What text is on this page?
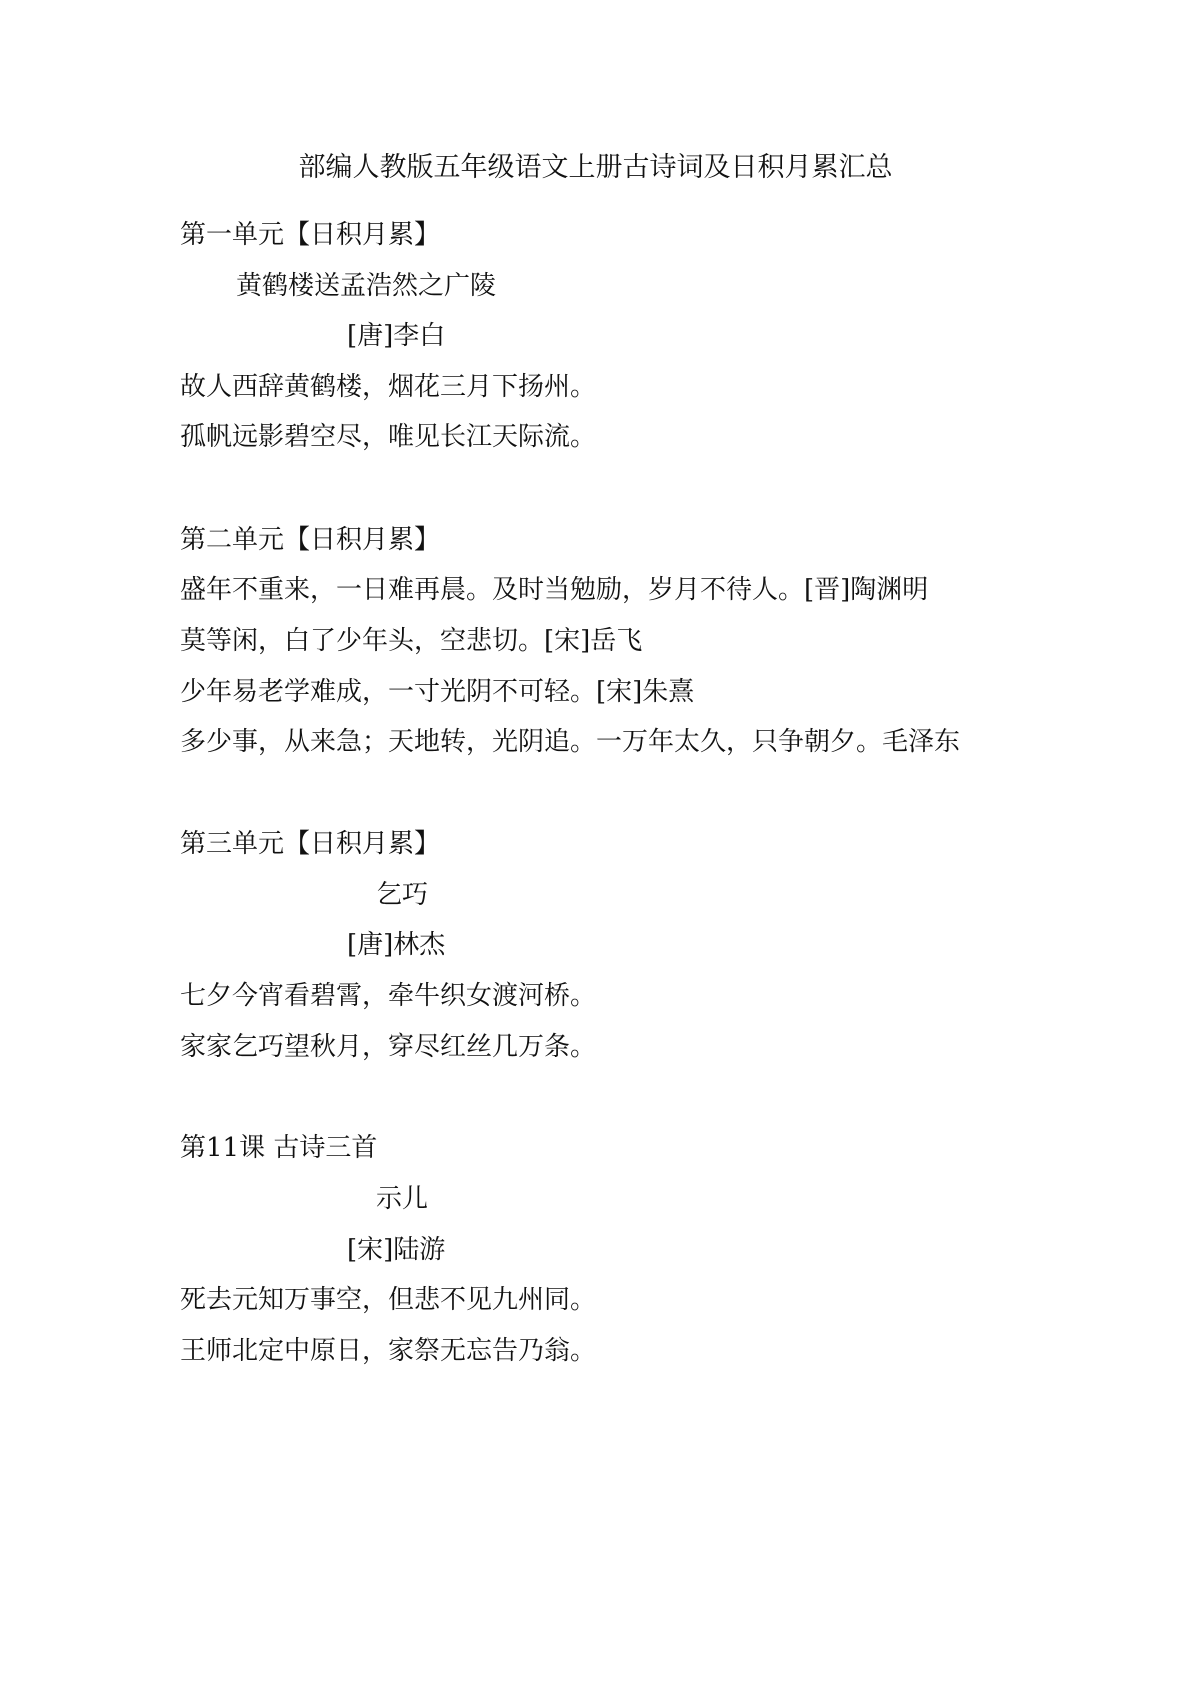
部编人教版五年级语文上册古诗词及日积月累汇总
第一单元【日积月累】
黄鹤楼送孟浩然之广陵
[唐]李白
故人西辞黄鹤楼，烟花三月下扬州。
孤帆远影碧空尽，唯见长江天际流。
第二单元【日积月累】
盛年不重来，一日难再晨。及时当勉励，岁月不待人。[晋]陶渊明
莫等闲，白了少年头，空悲切。[宋]岳飞
少年易老学难成，一寸光阴不可轻。[宋]朱熹
多少事，从来急；天地转，光阴追。一万年太久，只争朝夕。毛泽东
第三单元【日积月累】
乞巧
[唐]林杰
七夕今宵看碧霄，牵牛织女渡河桥。
家家乞巧望秋月，穿尽红丝几万条。
第11课 古诗三首
示儿
[宋]陆游
死去元知万事空，但悲不见九州同。
王师北定中原日，家祭无忘告乃翁。
